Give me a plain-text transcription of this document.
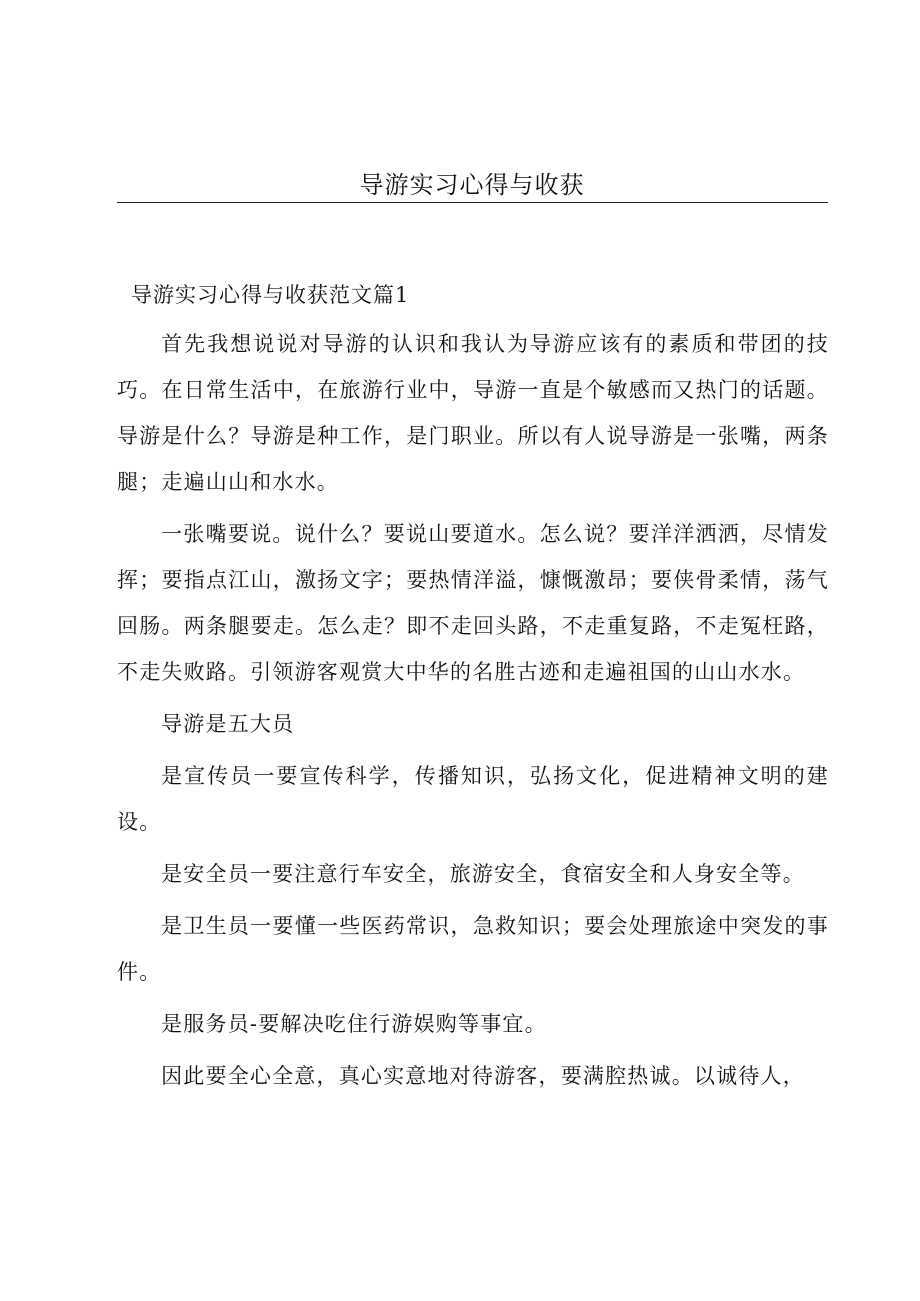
导游实习心得与收获
导游实习心得与收获范文篇1

首先我想说说对导游的认识和我认为导游应该有的素质和带团的技巧。在日常生活中，在旅游行业中，导游一直是个敏感而又热门的话题。导游是什么？导游是种工作，是门职业。所以有人说导游是一张嘴，两条腿；走遍山山和水水。

一张嘴要说。说什么？要说山要道水。怎么说？要洋洋洒洒，尽情发挥；要指点江山，激扬文字；要热情洋溢，慷慨激昂；要侠骨柔情，荡气回肠。两条腿要走。怎么走？即不走回头路，不走重复路，不走冤枉路，不走失败路。引领游客观赏大中华的名胜古迹和走遍祖国的山山水水。

导游是五大员

是宣传员一要宣传科学，传播知识，弘扬文化，促进精神文明的建设。

是安全员一要注意行车安全，旅游安全，食宿安全和人身安全等。

是卫生员一要懂一些医药常识，急救知识；要会处理旅途中突发的事件。

是服务员-要解决吃住行游娱购等事宜。

因此要全心全意，真心实意地对待游客，要满腔热诚。以诚待人，
